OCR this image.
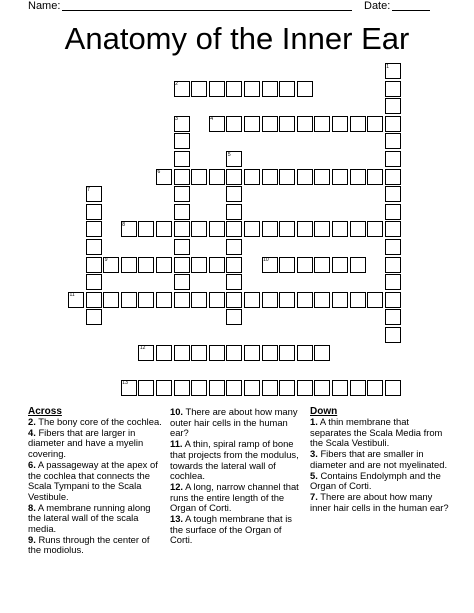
Name:	Date:
Anatomy of the Inner Ear
1
2
3	4
5
6
7
8
9	10
11
12
13
Across
2. The bony core of the cochlea.
4. Fibers that are larger in diameter and have a myelin covering.
6. A passageway at the apex of the cochlea that connects the Scala Tympani to the Scala Vestibule.
8. A membrane running along the lateral wall of the scala media.
9. Runs through the center of the modiolus.
10. There are about how many outer hair cells in the human ear?
11. A thin, spiral ramp of bone that projects from the modulus, towards the lateral wall of cochlea.
12. A long, narrow channel that runs the entire length of the Organ of Corti.
13. A tough membrane that is the surface of the Organ of Corti.
Down
1. A thin membrane that separates the Scala Media from the Scala Vestibuli.
3. Fibers that are smaller in diameter and are not myelinated.
5. Contains Endolymph and the Organ of Corti.
7. There are about how many inner hair cells in the human ear?
